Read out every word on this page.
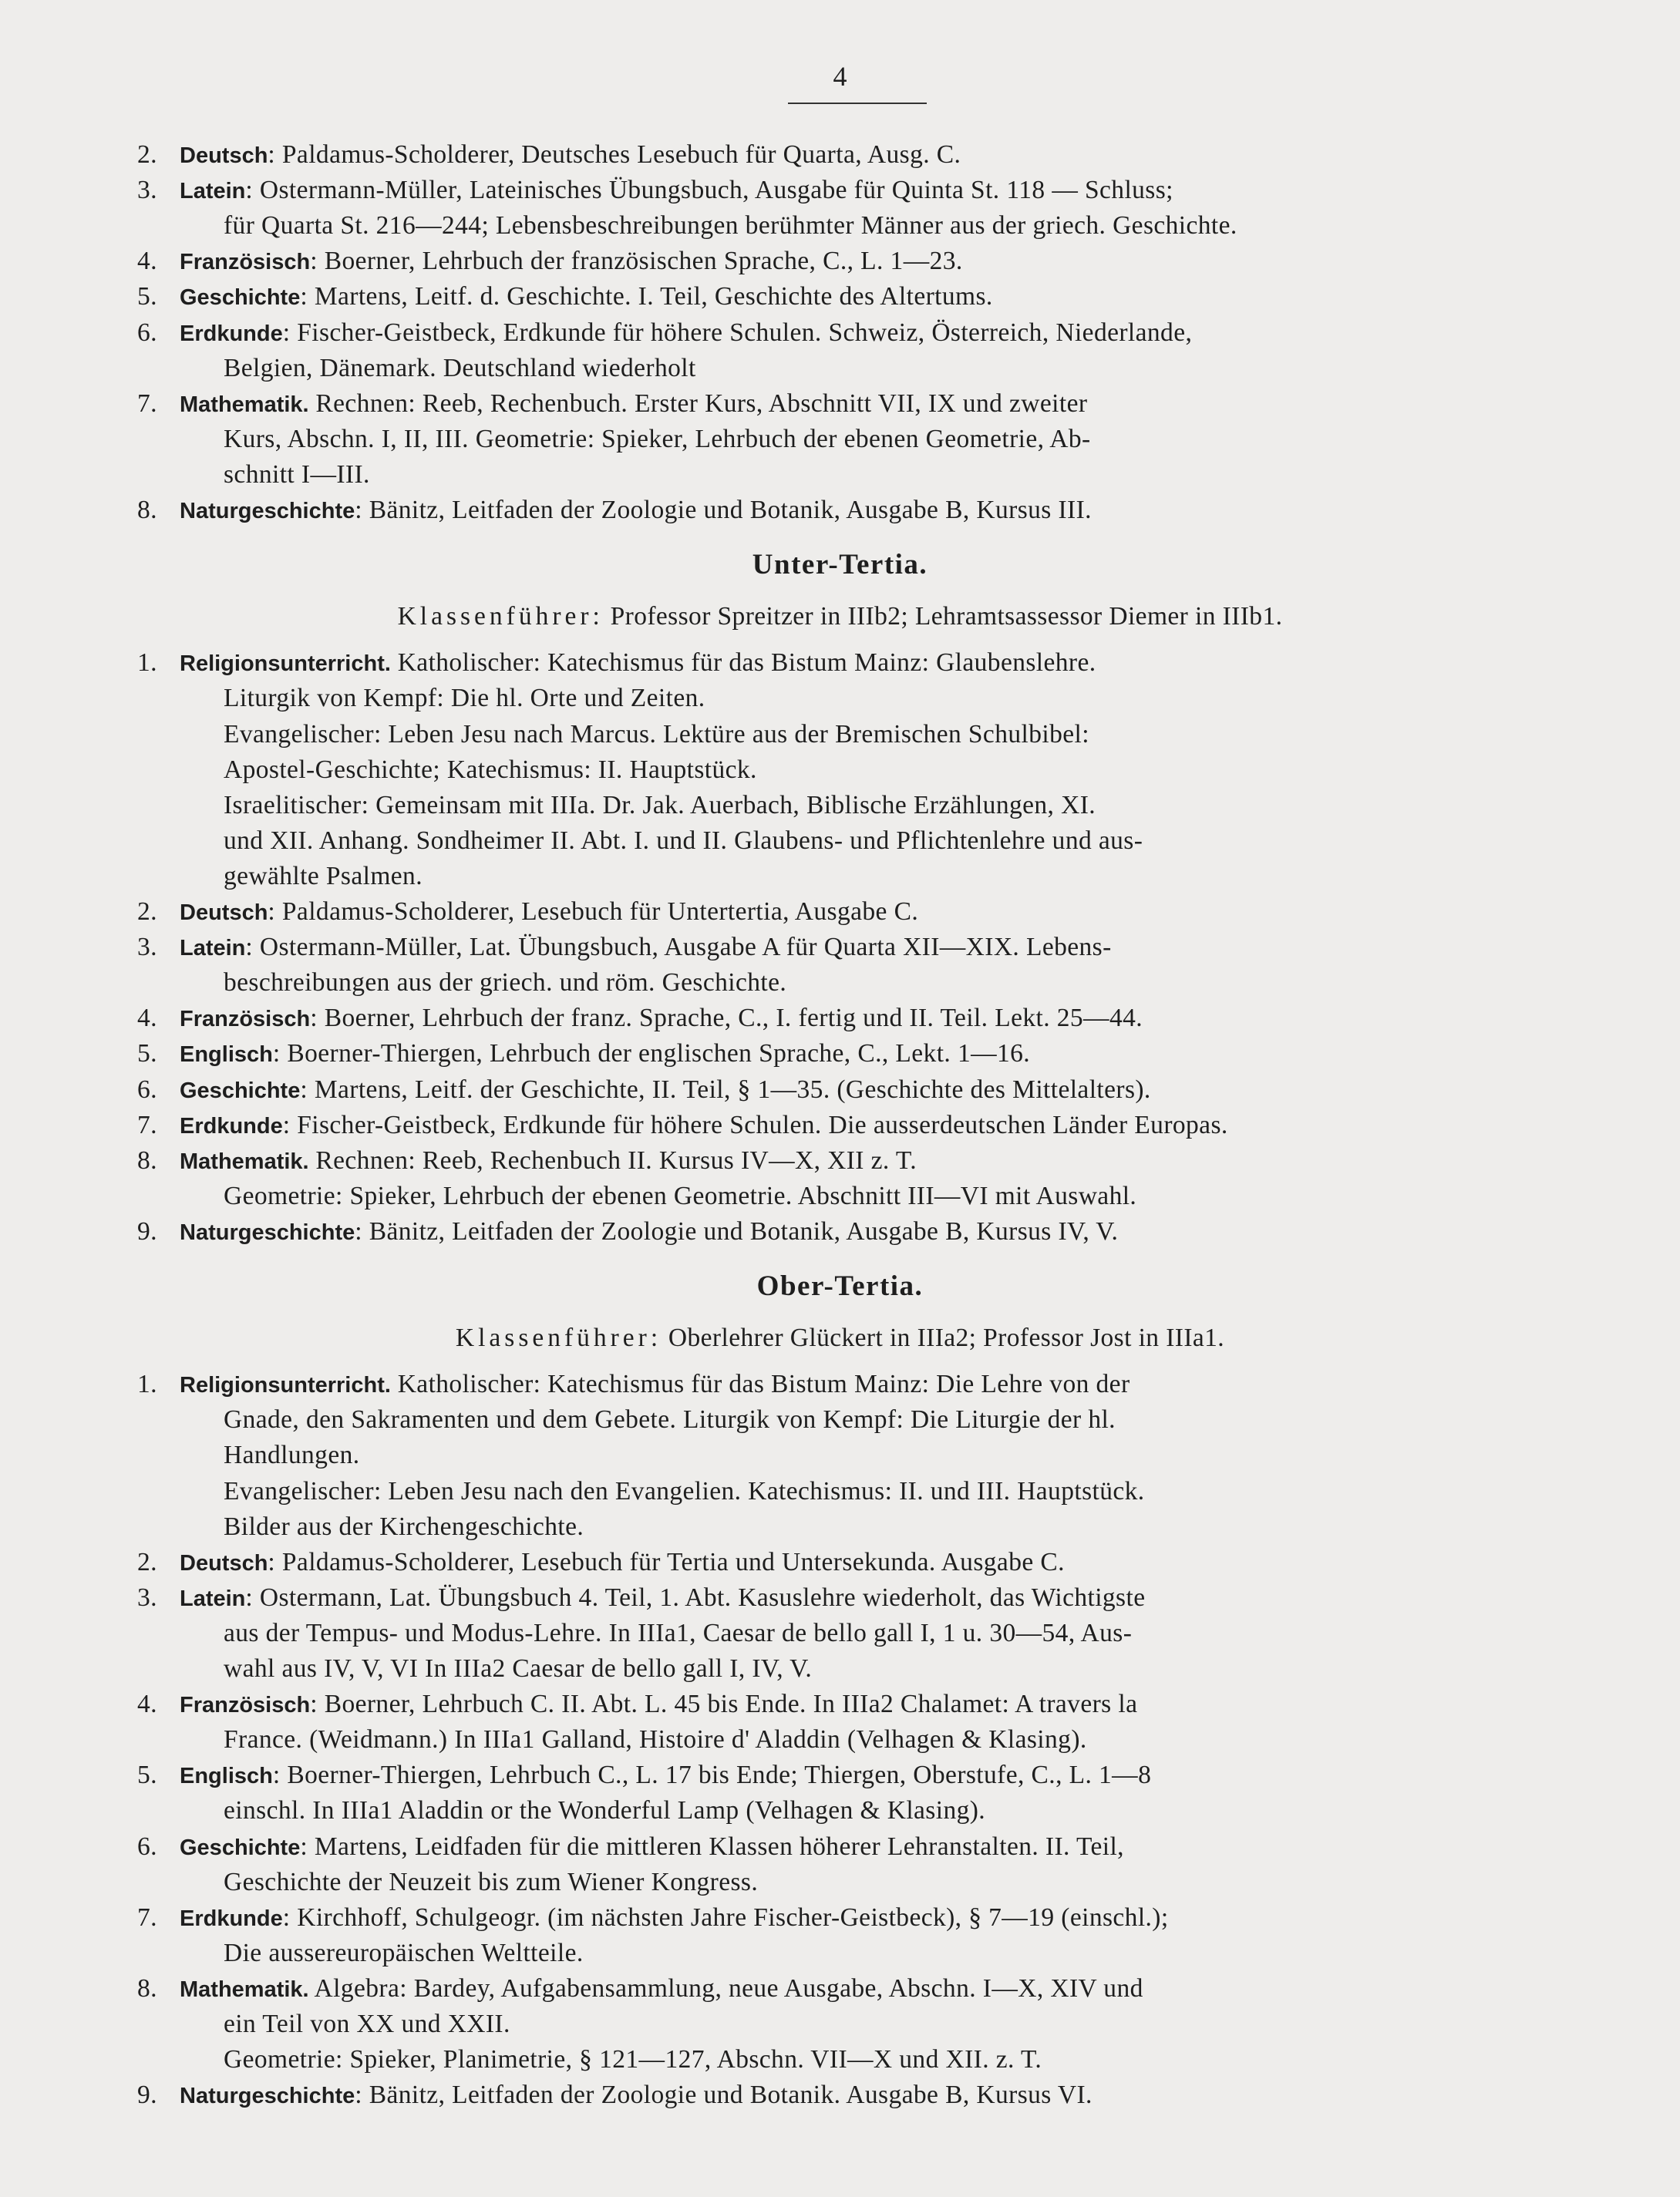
4
2. Deutsch: Paldamus-Scholderer, Deutsches Lesebuch für Quarta, Ausg. C.
3. Latein: Ostermann-Müller, Lateinisches Übungsbuch, Ausgabe für Quinta St. 118 — Schluss;
für Quarta St. 216—244; Lebensbeschreibungen berühmter Männer aus der griech. Geschichte.
4. Französisch: Boerner, Lehrbuch der französischen Sprache, C., L. 1—23.
5. Geschichte: Martens, Leitf. d. Geschichte. I. Teil, Geschichte des Altertums.
6. Erdkunde: Fischer-Geistbeck, Erdkunde für höhere Schulen. Schweiz, Österreich, Niederlande,
Belgien, Dänemark. Deutschland wiederholt
7. Mathematik. Rechnen: Reeb, Rechenbuch. Erster Kurs, Abschnitt VII, IX und zweiter
Kurs, Abschn. I, II, III. Geometrie: Spieker, Lehrbuch der ebenen Geometrie, Ab-
schnitt I—III.
8. Naturgeschichte: Bänitz, Leitfaden der Zoologie und Botanik, Ausgabe B, Kursus III.
Unter-Tertia.
Klassenführer: Professor Spreitzer in IIIb2; Lehramtsassessor Diemer in IIIb1.
1. Religionsunterricht. Katholischer: Katechismus für das Bistum Mainz: Glaubenslehre.
Liturgik von Kempf: Die hl. Orte und Zeiten.
Evangelischer: Leben Jesu nach Marcus. Lektüre aus der Bremischen Schulbibel:
Apostel-Geschichte; Katechismus: II. Hauptstück.
Israelitischer: Gemeinsam mit IIIa. Dr. Jak. Auerbach, Biblische Erzählungen, XI.
und XII. Anhang. Sondheimer II. Abt. I. und II. Glaubens- und Pflichtenlehre und aus-
gewählte Psalmen.
2. Deutsch: Paldamus-Scholderer, Lesebuch für Untertertia, Ausgabe C.
3. Latein: Ostermann-Müller, Lat. Übungsbuch, Ausgabe A für Quarta XII—XIX. Lebens-
beschreibungen aus der griech. und röm. Geschichte.
4. Französisch: Boerner, Lehrbuch der franz. Sprache, C., I. fertig und II. Teil. Lekt. 25—44.
5. Englisch: Boerner-Thiergen, Lehrbuch der englischen Sprache, C., Lekt. 1—16.
6. Geschichte: Martens, Leitf. der Geschichte, II. Teil, § 1—35. (Geschichte des Mittelalters).
7. Erdkunde: Fischer-Geistbeck, Erdkunde für höhere Schulen. Die ausserdeutschen Länder Europas.
8. Mathematik. Rechnen: Reeb, Rechenbuch II. Kursus IV—X, XII z. T.
Geometrie: Spieker, Lehrbuch der ebenen Geometrie. Abschnitt III—VI mit Auswahl.
9. Naturgeschichte: Bänitz, Leitfaden der Zoologie und Botanik, Ausgabe B, Kursus IV, V.
Ober-Tertia.
Klassenführer: Oberlehrer Glückert in IIIa2; Professor Jost in IIIa1.
1. Religionsunterricht. Katholischer: Katechismus für das Bistum Mainz: Die Lehre von der
Gnade, den Sakramenten und dem Gebete. Liturgik von Kempf: Die Liturgie der hl.
Handlungen.
Evangelischer: Leben Jesu nach den Evangelien. Katechismus: II. und III. Hauptstück.
Bilder aus der Kirchengeschichte.
2. Deutsch: Paldamus-Scholderer, Lesebuch für Tertia und Untersekunda. Ausgabe C.
3. Latein: Ostermann, Lat. Übungsbuch 4. Teil, 1. Abt. Kasuslehre wiederholt, das Wichtigste
aus der Tempus- und Modus-Lehre. In IIIa1, Caesar de bello gall I, 1 u. 30—54, Aus-
wahl aus IV, V, VI In IIIa2 Caesar de bello gall I, IV, V.
4. Französisch: Boerner, Lehrbuch C. II. Abt. L. 45 bis Ende. In IIIa2 Chalamet: A travers la
France. (Weidmann.) In IIIa1 Galland, Histoire d' Aladdin (Velhagen & Klasing).
5. Englisch: Boerner-Thiergen, Lehrbuch C., L. 17 bis Ende; Thiergen, Oberstufe, C., L. 1—8
einschl. In IIIa1 Aladdin or the Wonderful Lamp (Velhagen & Klasing).
6. Geschichte: Martens, Leidfaden für die mittleren Klassen höherer Lehranstalten. II. Teil,
Geschichte der Neuzeit bis zum Wiener Kongress.
7. Erdkunde: Kirchhoff, Schulgeogr. (im nächsten Jahre Fischer-Geistbeck), § 7—19 (einschl.);
Die aussereuropäischen Weltteile.
8. Mathematik. Algebra: Bardey, Aufgabensammlung, neue Ausgabe, Abschn. I—X, XIV und
ein Teil von XX und XXII.
Geometrie: Spieker, Planimetrie, § 121—127, Abschn. VII—X und XII. z. T.
9. Naturgeschichte: Bänitz, Leitfaden der Zoologie und Botanik. Ausgabe B, Kursus VI.
